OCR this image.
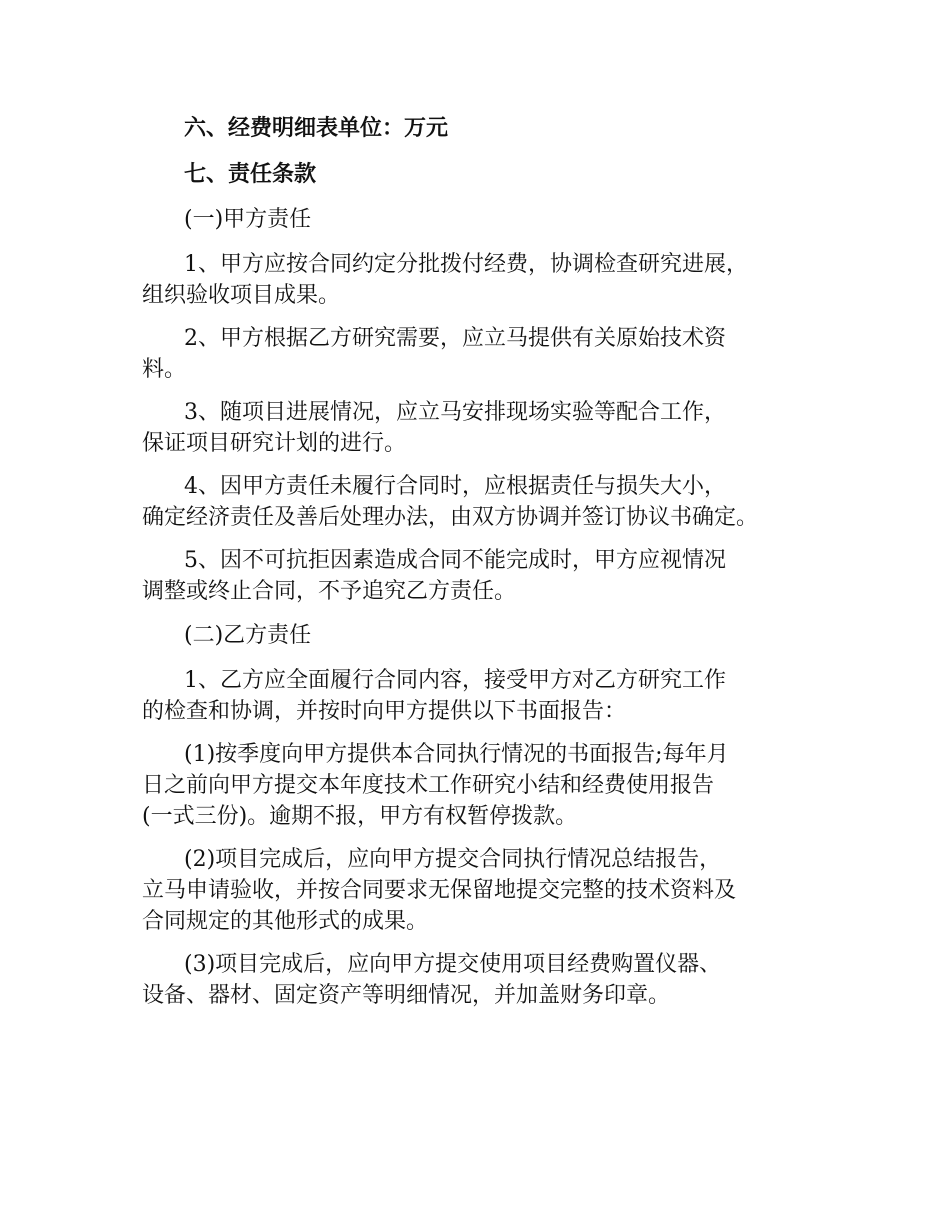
六、经费明细表单位：万元
七、责任条款
(一)甲方责任
1、甲方应按合同约定分批拨付经费，协调检查研究进展，
组织验收项目成果。
2、甲方根据乙方研究需要，应立马提供有关原始技术资
料。
3、随项目进展情况，应立马安排现场实验等配合工作，
保证项目研究计划的进行。
4、因甲方责任未履行合同时，应根据责任与损失大小，
确定经济责任及善后处理办法，由双方协调并签订协议书确定。
5、因不可抗拒因素造成合同不能完成时，甲方应视情况
调整或终止合同，不予追究乙方责任。
(二)乙方责任
1、乙方应全面履行合同内容，接受甲方对乙方研究工作
的检查和协调，并按时向甲方提供以下书面报告：
(1)按季度向甲方提供本合同执行情况的书面报告;每年月
日之前向甲方提交本年度技术工作研究小结和经费使用报告
(一式三份)。逾期不报，甲方有权暂停拨款。
(2)项目完成后，应向甲方提交合同执行情况总结报告，
立马申请验收，并按合同要求无保留地提交完整的技术资料及
合同规定的其他形式的成果。
(3)项目完成后，应向甲方提交使用项目经费购置仪器、
设备、器材、固定资产等明细情况，并加盖财务印章。
